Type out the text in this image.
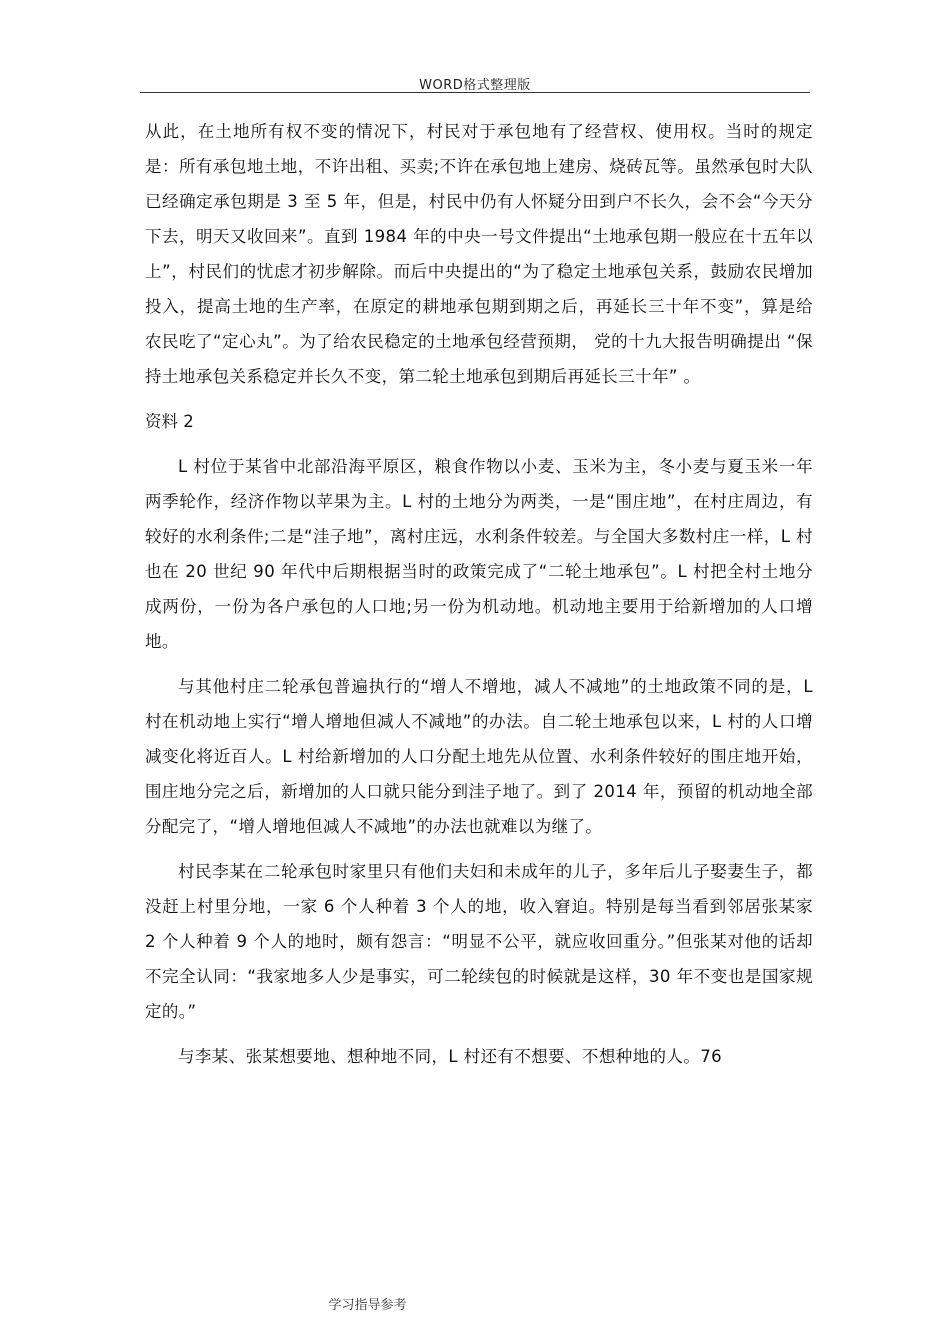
WORD格式整理版

从此，在土地所有权不变的情况下，村民对于承包地有了经营权、使用权。当时的规定是：所有承包地土地，不许出租、买卖;不许在承包地上建房、烧砖瓦等。虽然承包时大队已经确定承包期是 3 至 5 年，但是，村民中仍有人怀疑分田到户不长久，会不会“今天分下去，明天又收回来”。直到 1984 年的中央一号文件提出“土地承包期一般应在十五年以上”，村民们的忧虑才初步解除。而后中央提出的“为了稳定土地承包关系，鼓励农民增加投入，提高土地的生产率，在原定的耕地承包期到期之后，再延长三十年不变”，算是给农民吃了“定心丸”。为了给农民稳定的土地承包经营预期， 党的十九大报告明确提出 “保持土地承包关系稳定并长久不变，第二轮土地承包到期后再延长三十年” 。

资料 2

L 村位于某省中北部沿海平原区，粮食作物以小麦、玉米为主，冬小麦与夏玉米一年两季轮作，经济作物以苹果为主。L 村的土地分为两类，一是“围庄地”，在村庄周边，有较好的水利条件;二是“洼子地”，离村庄远，水利条件较差。与全国大多数村庄一样，L 村也在 20 世纪 90 年代中后期根据当时的政策完成了“二轮土地承包”。L 村把全村土地分成两份，一份为各户承包的人口地;另一份为机动地。机动地主要用于给新增加的人口增地。

与其他村庄二轮承包普遍执行的“增人不增地，减人不减地”的土地政策不同的是，L 村在机动地上实行“增人增地但减人不减地”的办法。自二轮土地承包以来，L 村的人口增减变化将近百人。L 村给新增加的人口分配土地先从位置、水利条件较好的围庄地开始，围庄地分完之后，新增加的人口就只能分到洼子地了。到了 2014 年，预留的机动地全部分配完了，“增人增地但减人不减地”的办法也就难以为继了。

村民李某在二轮承包时家里只有他们夫妇和未成年的儿子，多年后儿子娶妻生子，都没赶上村里分地，一家 6 个人种着 3 个人的地，收入窘迫。特别是每当看到邻居张某家 2 个人种着 9 个人的地时，颇有怨言：“明显不公平，就应收回重分。”但张某对他的话却不完全认同：“我家地多人少是事实，可二轮续包的时候就是这样，30 年不变也是国家规定的。”

与李某、张某想要地、想种地不同，L 村还有不想要、不想种地的人。76

学习指导参考
